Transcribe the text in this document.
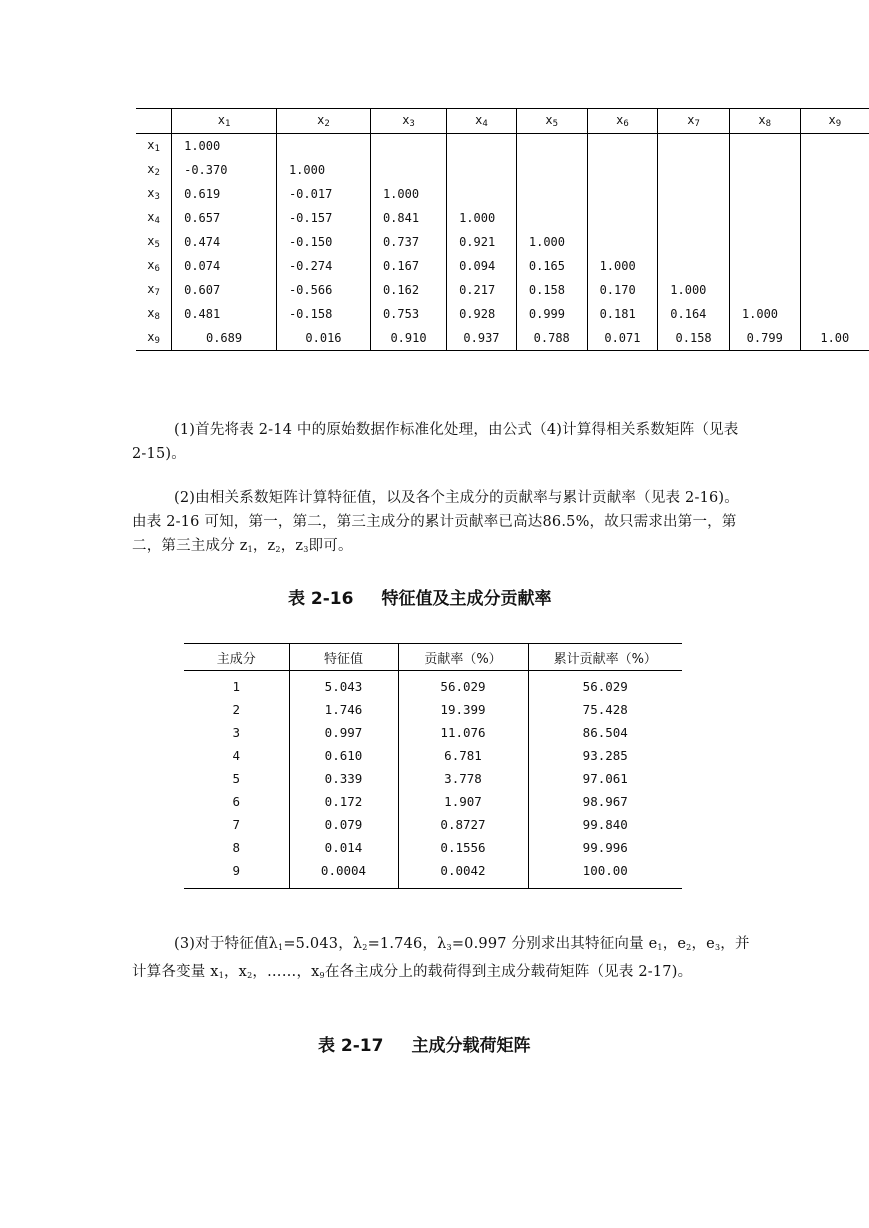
	$x_1$	$x_2$	$x_3$	$x_4$	$x_5$	$x_6$	$x_7$	$x_8$	$x_9$
$x_1$	1.000								
$x_2$	-0.370	1.000							
$x_3$	0.619	-0.017	1.000						
$x_4$	0.657	-0.157	0.841	1.000					
$x_5$	0.474	-0.150	0.737	0.921	1.000				
$x_6$	0.074	-0.274	0.167	0.094	0.165	1.000			
$x_7$	0.607	-0.566	0.162	0.217	0.158	0.170	1.000		
$x_8$	0.481	-0.158	0.753	0.928	0.999	0.181	0.164	1.000	
$x_9$	0.689	0.016	0.910	0.937	0.788	0.071	0.158	0.799	1.00
(1)首先将表 2-14 中的原始数据作标准化处理，由公式（4)计算得相关系数矩阵（见表 2-15)。
(2)由相关系数矩阵计算特征值，以及各个主成分的贡献率与累计贡献率（见表 2-16)。由表 2-16 可知，第一，第二，第三主成分的累计贡献率已高达86.5%，故只需求出第一，第二，第三主成分 $z_1$，$z_2$，$z_3$即可。
表 2-16 特征值及主成分贡献率
主成分	特征值	贡献率（%）	累计贡献率（%）
1	5.043	56.029	56.029
2	1.746	19.399	75.428
3	0.997	11.076	86.504
4	0.610	6.781	93.285
5	0.339	3.778	97.061
6	0.172	1.907	98.967
7	0.079	0.8727	99.840
8	0.014	0.1556	99.996
9	0.0004	0.0042	100.00
(3)对于特征值$\lambda_1=5.043$，$\lambda_2=1.746$，$\lambda_3=0.997$ 分别求出其特征向量 $e_1$，$e_2$，$e_3$，并计算各变量 $x_1$，$x_2$，……，$x_9$在各主成分上的载荷得到主成分载荷矩阵（见表 2-17)。
表 2-17 主成分载荷矩阵
